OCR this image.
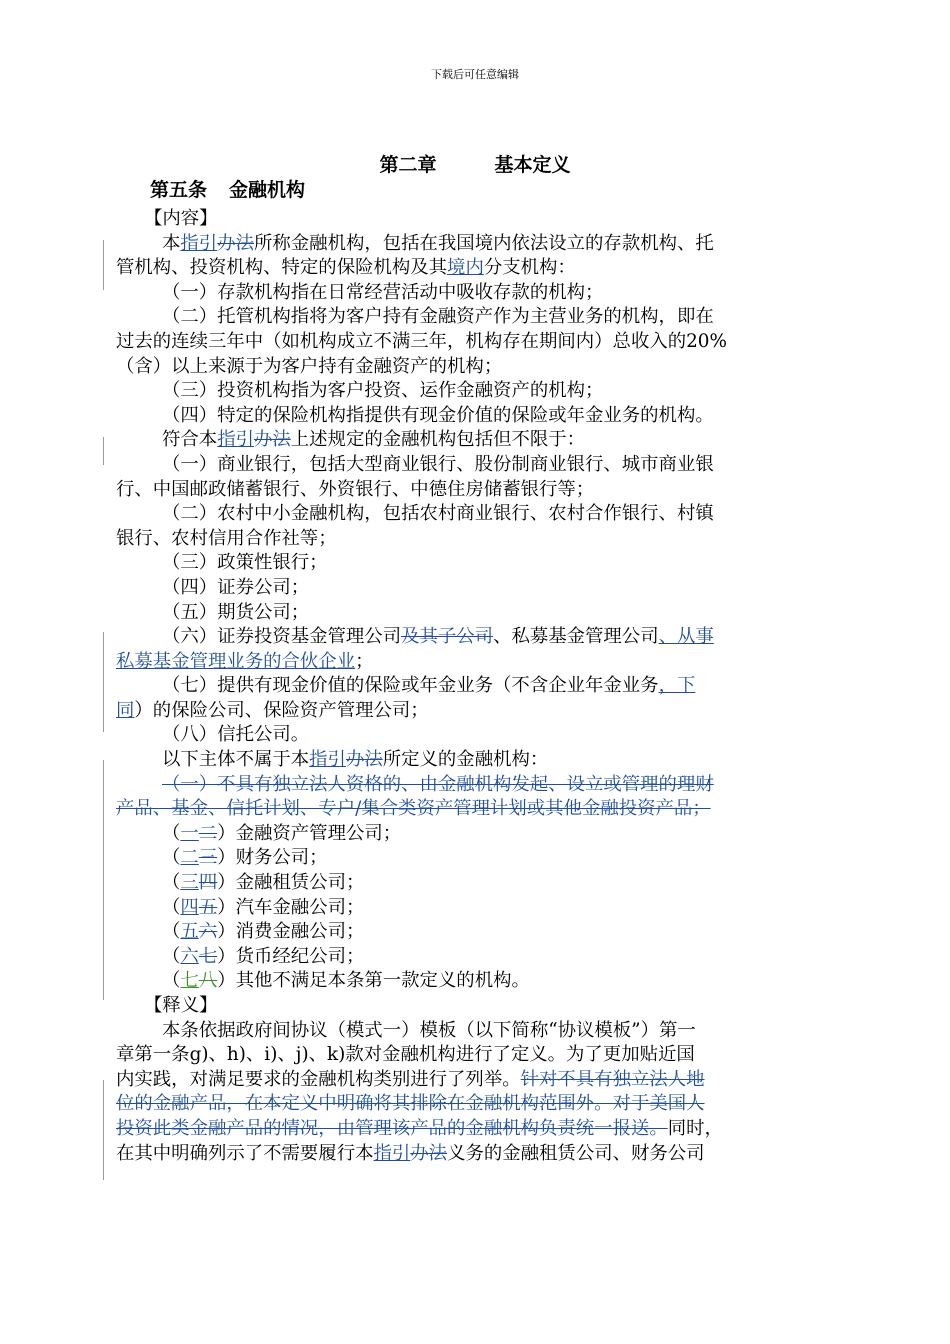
下载后可任意编辑
第二章	基本定义
第五条 金融机构
【内容】
本指引办法所称金融机构，包括在我国境内依法设立的存款机构、托
管机构、投资机构、特定的保险机构及其境内分支机构：
（一）存款机构指在日常经营活动中吸收存款的机构；
（二）托管机构指将为客户持有金融资产作为主营业务的机构，即在
过去的连续三年中（如机构成立不满三年，机构存在期间内）总收入的20%
（含）以上来源于为客户持有金融资产的机构；
（三）投资机构指为客户投资、运作金融资产的机构；
（四）特定的保险机构指提供有现金价值的保险或年金业务的机构。
符合本指引办法上述规定的金融机构包括但不限于：
（一）商业银行，包括大型商业银行、股份制商业银行、城市商业银
行、中国邮政储蓄银行、外资银行、中德住房储蓄银行等；
（二）农村中小金融机构，包括农村商业银行、农村合作银行、村镇
银行、农村信用合作社等；
（三）政策性银行；
（四）证券公司；
（五）期货公司；
（六）证券投资基金管理公司及其子公司、私募基金管理公司、从事
私募基金管理业务的合伙企业；
（七）提供有现金价值的保险或年金业务（不含企业年金业务，下
同）的保险公司、保险资产管理公司；
（八）信托公司。
以下主体不属于本指引办法所定义的金融机构：
（一）不具有独立法人资格的、由金融机构发起、设立或管理的理财
产品、基金、信托计划、专户/集合类资产管理计划或其他金融投资产品；
（一二）金融资产管理公司；
（二三）财务公司；
（三四）金融租赁公司；
（四五）汽车金融公司；
（五六）消费金融公司；
（六七）货币经纪公司；
（七八）其他不满足本条第一款定义的机构。
【释义】
本条依据政府间协议（模式一）模板（以下简称“协议模板”）第一
章第一条g)、h)、i)、j)、k)款对金融机构进行了定义。为了更加贴近国
内实践，对满足要求的金融机构类别进行了列举。针对不具有独立法人地
位的金融产品，在本定义中明确将其排除在金融机构范围外。对于美国人
投资此类金融产品的情况，由管理该产品的金融机构负责统一报送。同时，
在其中明确列示了不需要履行本指引办法义务的金融租赁公司、财务公司
